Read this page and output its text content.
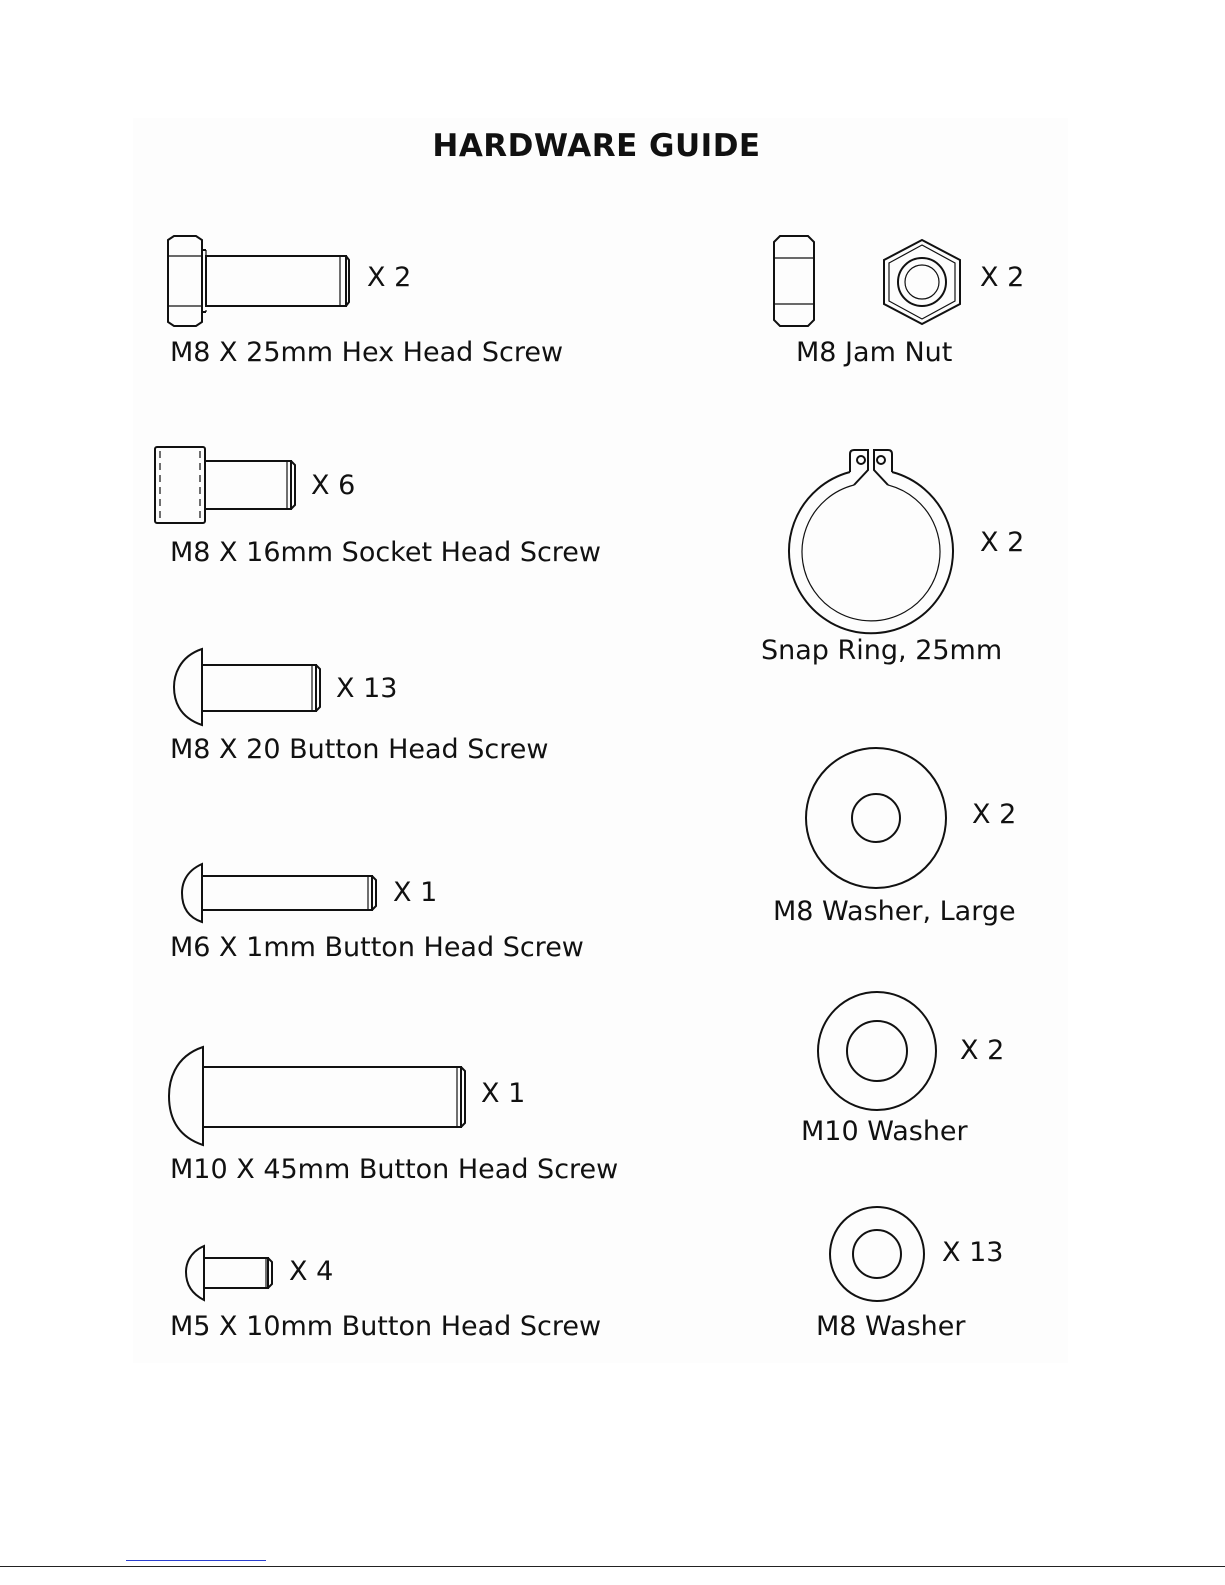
HARDWARE GUIDE
X 2
M8 X 25mm Hex Head Screw
X 6
M8 X 16mm Socket Head Screw
X 13
M8 X 20 Button Head Screw
X 1
M6 X 1mm Button Head Screw
X 1
M10 X 45mm Button Head Screw
X 4
M5 X 10mm Button Head Screw
X 2
M8 Jam Nut
X 2
Snap Ring, 25mm
X 2
M8 Washer, Large
X 2
M10 Washer
X 13
M8 Washer
